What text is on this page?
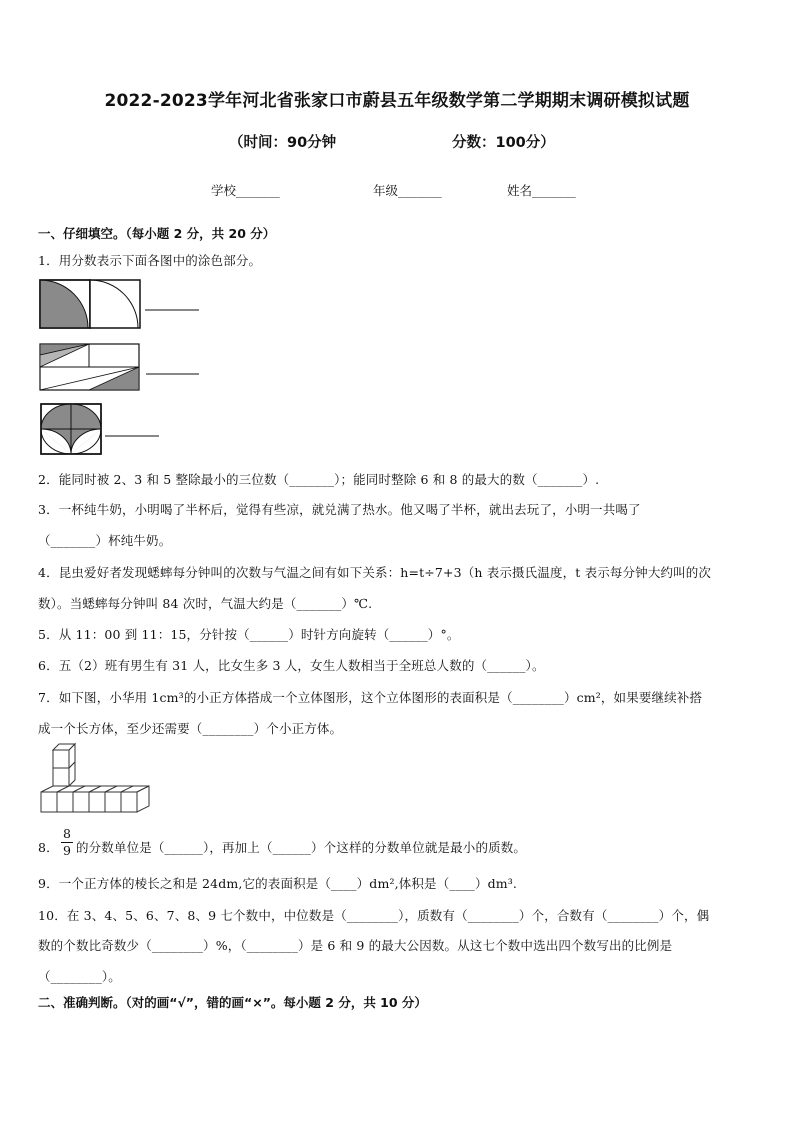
2022-2023学年河北省张家口市蔚县五年级数学第二学期期末调研模拟试题
（时间：90分钟	分数：100分）
学校_______	年级_______	姓名_______
一、仔细填空。（每小题 2 分，共 20 分）
1．用分数表示下面各图中的涂色部分。
2．能同时被 2、3 和 5 整除最小的三位数（_______）；能同时整除 6 和 8 的最大的数（_______）.
3．一杯纯牛奶，小明喝了半杯后，觉得有些凉，就兑满了热水。他又喝了半杯，就出去玩了，小明一共喝了
（_______）杯纯牛奶。
4．昆虫爱好者发现蟋蟀每分钟叫的次数与气温之间有如下关系：h=t÷7+3（h 表示摄氏温度，t 表示每分钟大约叫的次
数）。当蟋蟀每分钟叫 84 次时，气温大约是（_______）℃.
5．从 11：00 到 11：15，分针按（______）时针方向旋转（______）°。
6．五（2）班有男生有 31 人，比女生多 3 人，女生人数相当于全班总人数的（______）。
7．如下图，小华用 1cm³的小正方体搭成一个立体图形，这个立体图形的表面积是（________）cm²，如果要继续补搭
成一个长方体，至少还需要（________）个小正方体。
8．
8
9 的分数单位是（______），再加上（______）个这样的分数单位就是最小的质数。
9．一个正方体的棱长之和是 24dm,它的表面积是（____）dm²,体积是（____）dm³.
10．在 3、4、5、6、7、8、9 七个数中，中位数是（________），质数有（________）个，合数有（________）个，偶
数的个数比奇数少（________）%，（________）是 6 和 9 的最大公因数。从这七个数中选出四个数写出的比例是
（________）。
二、准确判断。（对的画“√”，错的画“×”。每小题 2 分，共 10 分）
